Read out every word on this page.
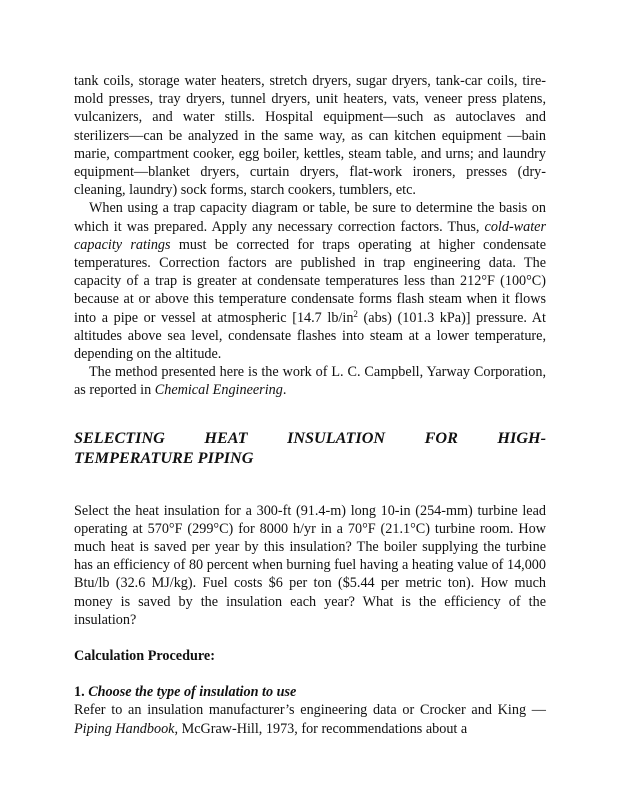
tank coils, storage water heaters, stretch dryers, sugar dryers, tank-car coils, tire-mold presses, tray dryers, tunnel dryers, unit heaters, vats, veneer press platens, vulcanizers, and water stills. Hospital equipment—such as autoclaves and sterilizers—can be analyzed in the same way, as can kitchen equipment —bain marie, compartment cooker, egg boiler, kettles, steam table, and urns; and laundry equipment—blanket dryers, curtain dryers, flat-work ironers, presses (dry-cleaning, laundry) sock forms, starch cookers, tumblers, etc.

When using a trap capacity diagram or table, be sure to determine the basis on which it was prepared. Apply any necessary correction factors. Thus, cold-water capacity ratings must be corrected for traps operating at higher condensate temperatures. Correction factors are published in trap engineering data. The capacity of a trap is greater at condensate temperatures less than 212°F (100°C) because at or above this temperature condensate forms flash steam when it flows into a pipe or vessel at atmospheric [14.7 $lb/in^2$ (abs) (101.3 kPa)] pressure. At altitudes above sea level, condensate flashes into steam at a lower temperature, depending on the altitude.

The method presented here is the work of L. C. Campbell, Yarway Corporation, as reported in Chemical Engineering.

SELECTING HEAT INSULATION FOR HIGH-
TEMPERATURE PIPING

Select the heat insulation for a 300-ft (91.4-m) long 10-in (254-mm) turbine lead operating at 570°F (299°C) for 8000 h/yr in a 70°F (21.1°C) turbine room. How much heat is saved per year by this insulation? The boiler supplying the turbine has an efficiency of 80 percent when burning fuel having a heating value of 14,000 Btu/lb (32.6 MJ/kg). Fuel costs $6 per ton ($5.44 per metric ton). How much money is saved by the insulation each year? What is the efficiency of the insulation?

Calculation Procedure:

1. Choose the type of insulation to use

Refer to an insulation manufacturer’s engineering data or Crocker and King —Piping Handbook, McGraw-Hill, 1973, for recommendations about a
